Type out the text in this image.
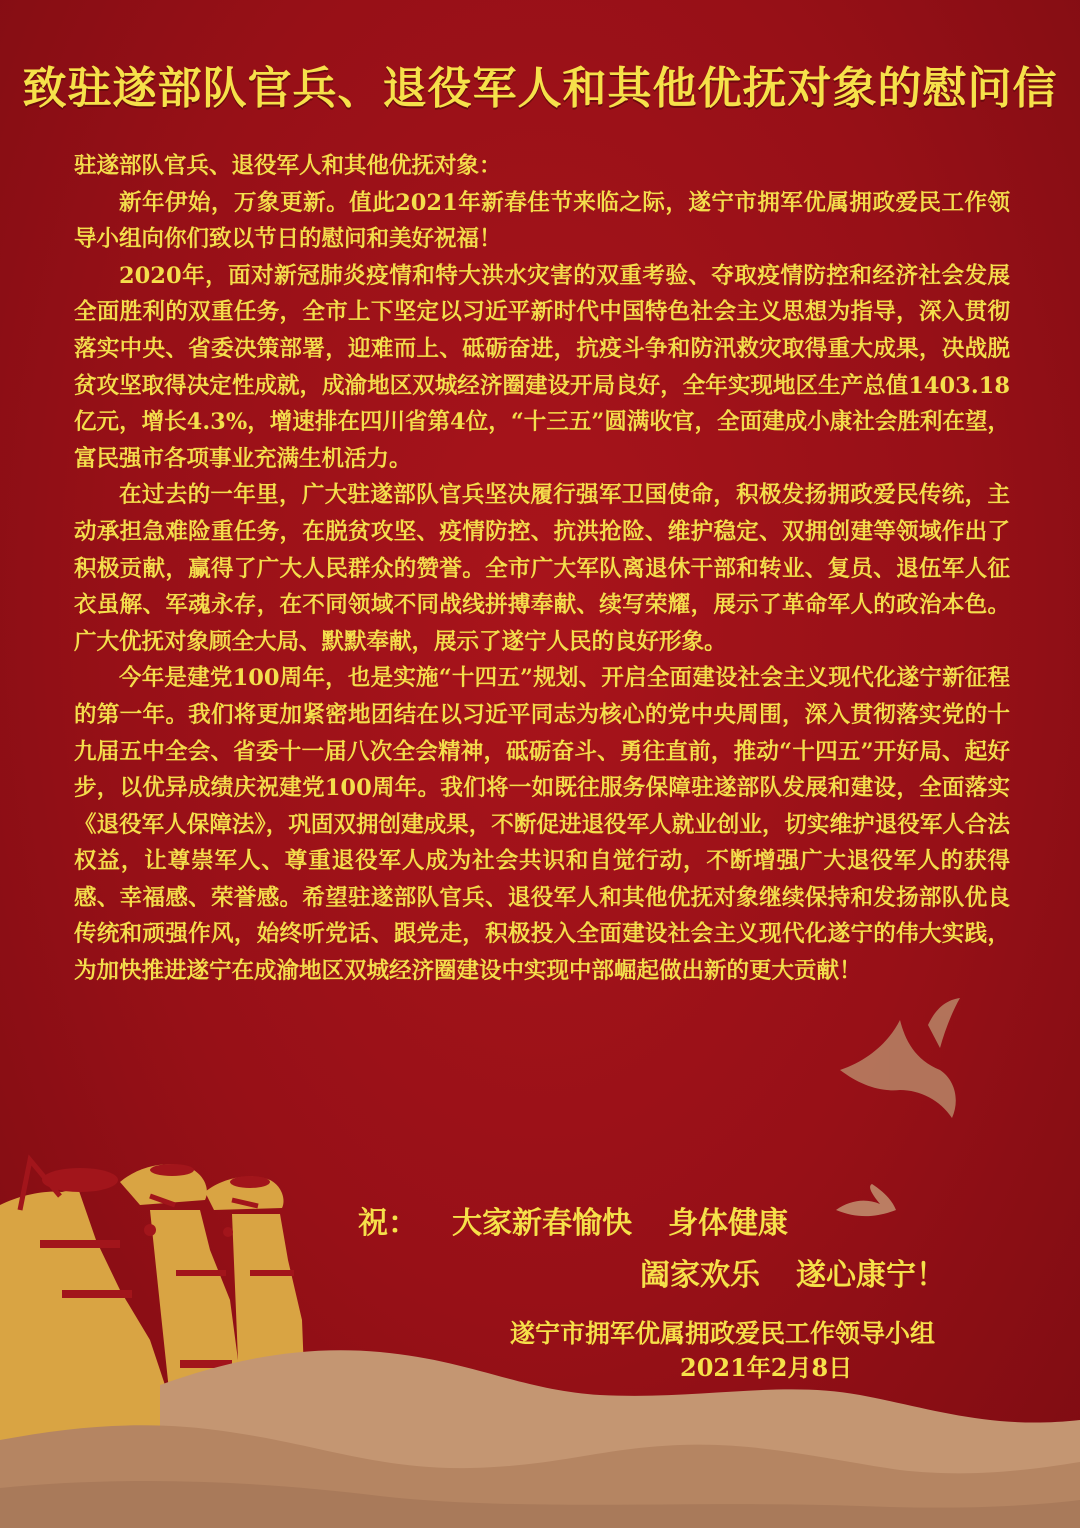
致驻遂部队官兵、退役军人和其他优抚对象的慰问信

驻遂部队官兵、退役军人和其他优抚对象：

新年伊始，万象更新。值此2021年新春佳节来临之际，遂宁市拥军优属拥政爱民工作领导小组向你们致以节日的慰问和美好祝福！

2020年，面对新冠肺炎疫情和特大洪水灾害的双重考验、夺取疫情防控和经济社会发展全面胜利的双重任务，全市上下坚定以习近平新时代中国特色社会主义思想为指导，深入贯彻落实中央、省委决策部署，迎难而上、砥砺奋进，抗疫斗争和防汛救灾取得重大成果，决战脱贫攻坚取得决定性成就，成渝地区双城经济圈建设开局良好，全年实现地区生产总值1403.18亿元，增长4.3%，增速排在四川省第4位，“十三五”圆满收官，全面建成小康社会胜利在望，富民强市各项事业充满生机活力。

在过去的一年里，广大驻遂部队官兵坚决履行强军卫国使命，积极发扬拥政爱民传统，主动承担急难险重任务，在脱贫攻坚、疫情防控、抗洪抢险、维护稳定、双拥创建等领域作出了积极贡献，赢得了广大人民群众的赞誉。全市广大军队离退休干部和转业、复员、退伍军人征衣虽解、军魂永存，在不同领域不同战线拼搏奉献、续写荣耀，展示了革命军人的政治本色。广大优抚对象顾全大局、默默奉献，展示了遂宁人民的良好形象。

今年是建党100周年，也是实施“十四五”规划、开启全面建设社会主义现代化遂宁新征程的第一年。我们将更加紧密地团结在以习近平同志为核心的党中央周围，深入贯彻落实党的十九届五中全会、省委十一届八次全会精神，砥砺奋斗、勇往直前，推动“十四五”开好局、起好步，以优异成绩庆祝建党100周年。我们将一如既往服务保障驻遂部队发展和建设，全面落实《退役军人保障法》，巩固双拥创建成果，不断促进退役军人就业创业，切实维护退役军人合法权益，让尊崇军人、尊重退役军人成为社会共识和自觉行动，不断增强广大退役军人的获得感、幸福感、荣誉感。希望驻遂部队官兵、退役军人和其他优抚对象继续保持和发扬部队优良传统和顽强作风，始终听党话、跟党走，积极投入全面建设社会主义现代化遂宁的伟大实践，为加快推进遂宁在成渝地区双城经济圈建设中实现中部崛起做出新的更大贡献！

祝： 大家新春愉快 身体健康
阖家欢乐 遂心康宁！
遂宁市拥军优属拥政爱民工作领导小组
2021年2月8日
